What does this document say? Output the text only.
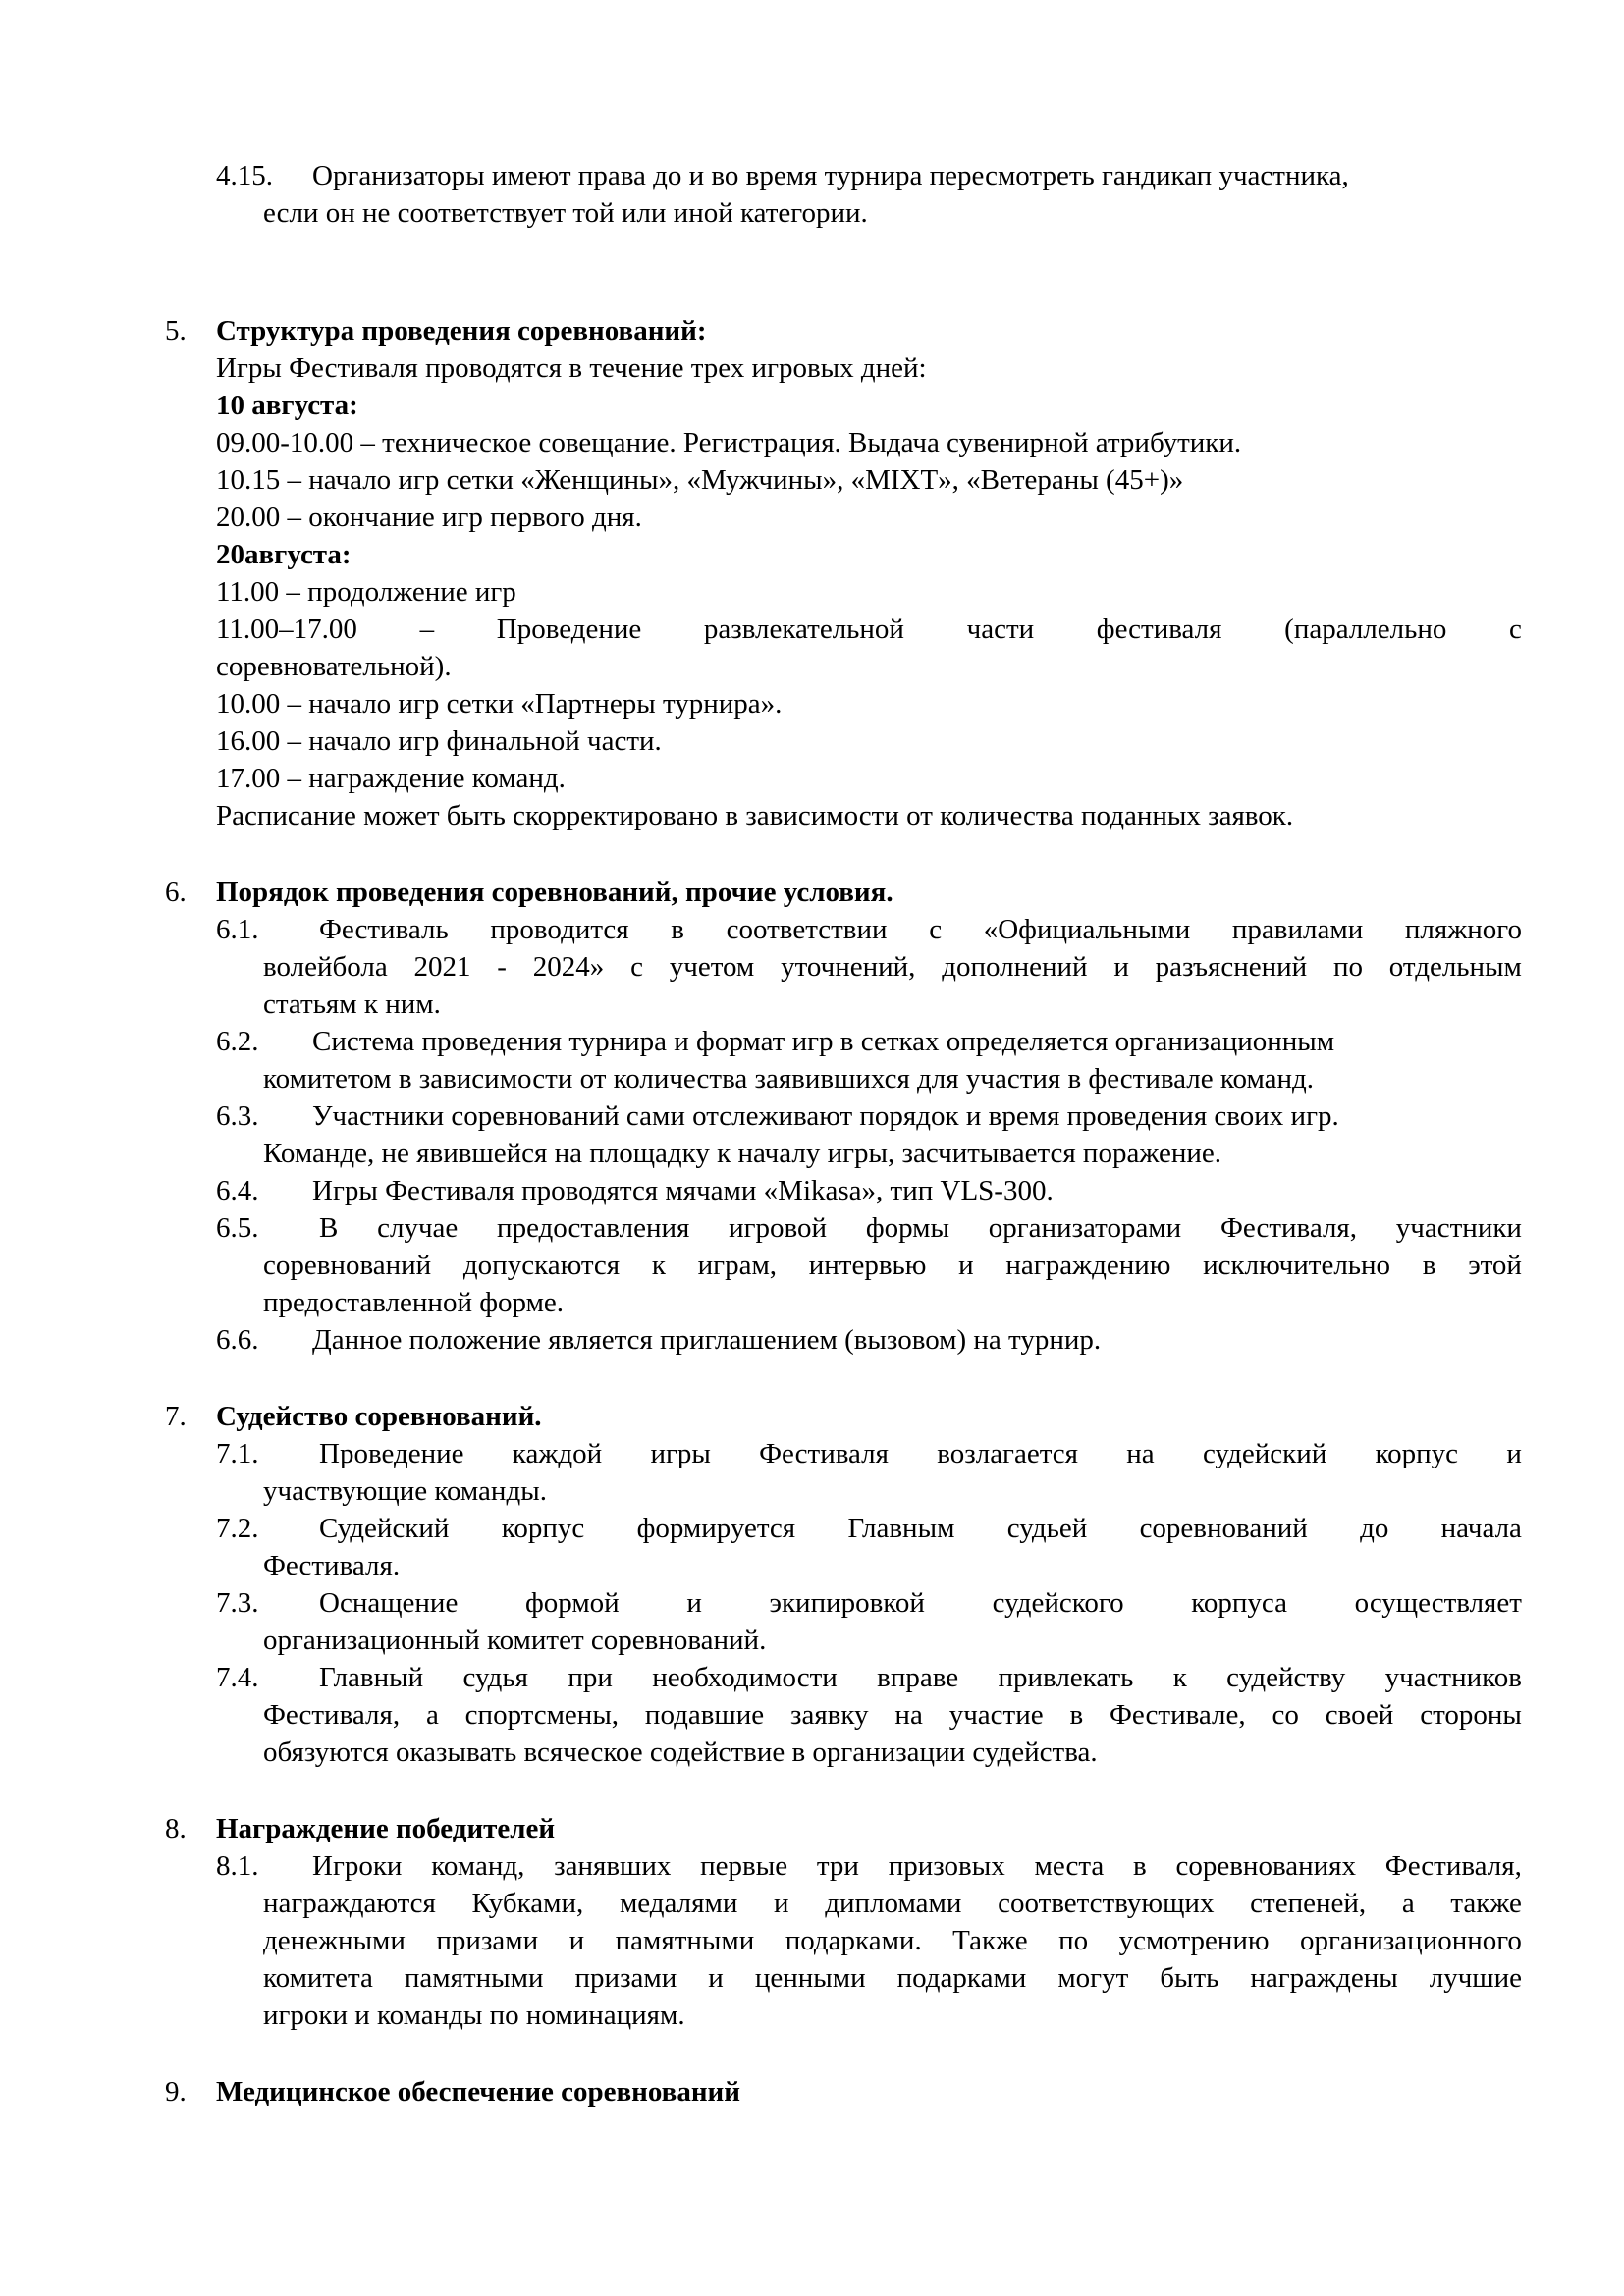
4.15. Организаторы имеют права до и во время турнира пересмотреть гандикап участника,
если он не соответствует той или иной категории.
5. Структура проведения соревнований:
Игры Фестиваля проводятся в течение трех игровых дней:
10 августа:
09.00-10.00 – техническое совещание. Регистрация. Выдача сувенирной атрибутики.
10.15 – начало игр сетки «Женщины», «Мужчины», «MIXT», «Ветераны (45+)»
20.00 – окончание игр первого дня.
20августа:
11.00 – продолжение игр
11.00–17.00 – Проведение развлекательной части фестиваля (параллельно с
соревновательной).
10.00 – начало игр сетки «Партнеры турнира».
16.00 – начало игр финальной части.
17.00 – награждение команд.
Расписание может быть скорректировано в зависимости от количества поданных заявок.
6. Порядок проведения соревнований, прочие условия.
6.1. Фестиваль проводится в соответствии с «Официальными правилами пляжного
волейбола 2021 - 2024» с учетом уточнений, дополнений и разъяснений по отдельным
статьям к ним.
6.2. Система проведения турнира и формат игр в сетках определяется организационным
комитетом в зависимости от количества заявившихся для участия в фестивале команд.
6.3. Участники соревнований сами отслеживают порядок и время проведения своих игр.
Команде, не явившейся на площадку к началу игры, засчитывается поражение.
6.4. Игры Фестиваля проводятся мячами «Mikasa», тип VLS-300.
6.5. В случае предоставления игровой формы организаторами Фестиваля, участники
соревнований допускаются к играм, интервью и награждению исключительно в этой
предоставленной форме.
6.6. Данное положение является приглашением (вызовом) на турнир.
7. Судейство соревнований.
7.1. Проведение каждой игры Фестиваля возлагается на судейский корпус и
участвующие команды.
7.2. Судейский корпус формируется Главным судьей соревнований до начала
Фестиваля.
7.3. Оснащение формой и экипировкой судейского корпуса осуществляет
организационный комитет соревнований.
7.4. Главный судья при необходимости вправе привлекать к судейству участников
Фестиваля, а спортсмены, подавшие заявку на участие в Фестивале, со своей стороны
обязуются оказывать всяческое содействие в организации судейства.
8. Награждение победителей
8.1. Игроки команд, занявших первые три призовых места в соревнованиях Фестиваля,
награждаются Кубками, медалями и дипломами соответствующих степеней, а также
денежными призами и памятными подарками. Также по усмотрению организационного
комитета памятными призами и ценными подарками могут быть награждены лучшие
игроки и команды по номинациям.
9. Медицинское обеспечение соревнований
